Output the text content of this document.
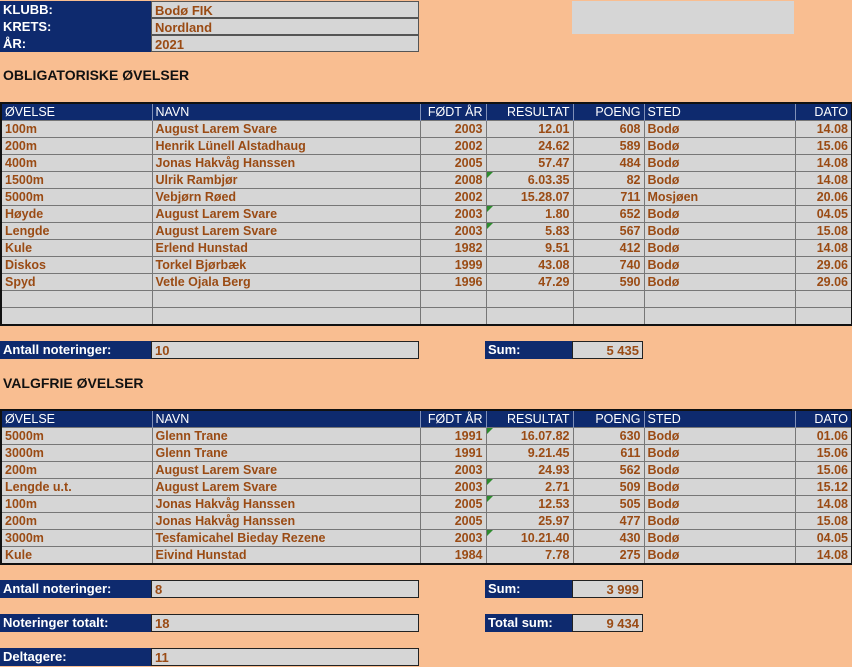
KLUBB:	Bodø FIK
KRETS:	Nordland
ÅR:	2021
OBLIGATORISKE ØVELSER
ØVELSE	NAVN	FØDT ÅR	RESULTAT	POENG	STED	DATO
100m	August Larem Svare	2003	12.01	608	Bodø	14.08
200m	Henrik Lünell Alstadhaug	2002	24.62	589	Bodø	15.06
400m	Jonas Hakvåg Hanssen	2005	57.47	484	Bodø	14.08
1500m	Ulrik Rambjør	2008	6.03.35	82	Bodø	14.08
5000m	Vebjørn Røed	2002	15.28.07	711	Mosjøen	20.06
Høyde	August Larem Svare	2003	1.80	652	Bodø	04.05
Lengde	August Larem Svare	2003	5.83	567	Bodø	15.08
Kule	Erlend Hunstad	1982	9.51	412	Bodø	14.08
Diskos	Torkel Bjørbæk	1999	43.08	740	Bodø	29.06
Spyd	Vetle Ojala Berg	1996	47.29	590	Bodø	29.06

Antall noteringer:	10	Sum:	5 435
VALGFRIE ØVELSER
ØVELSE	NAVN	FØDT ÅR	RESULTAT	POENG	STED	DATO
5000m	Glenn Trane	1991	16.07.82	630	Bodø	01.06
3000m	Glenn Trane	1991	9.21.45	611	Bodø	15.06
200m	August Larem Svare	2003	24.93	562	Bodø	15.06
Lengde u.t.	August Larem Svare	2003	2.71	509	Bodø	15.12
100m	Jonas Hakvåg Hanssen	2005	12.53	505	Bodø	14.08
200m	Jonas Hakvåg Hanssen	2005	25.97	477	Bodø	15.08
3000m	Tesfamicahel Bieday Rezene	2003	10.21.40	430	Bodø	04.05
Kule	Eivind Hunstad	1984	7.78	275	Bodø	14.08
Antall noteringer:	8	Sum:	3 999
Noteringer totalt:	18	Total sum:	9 434
Deltagere:	11
